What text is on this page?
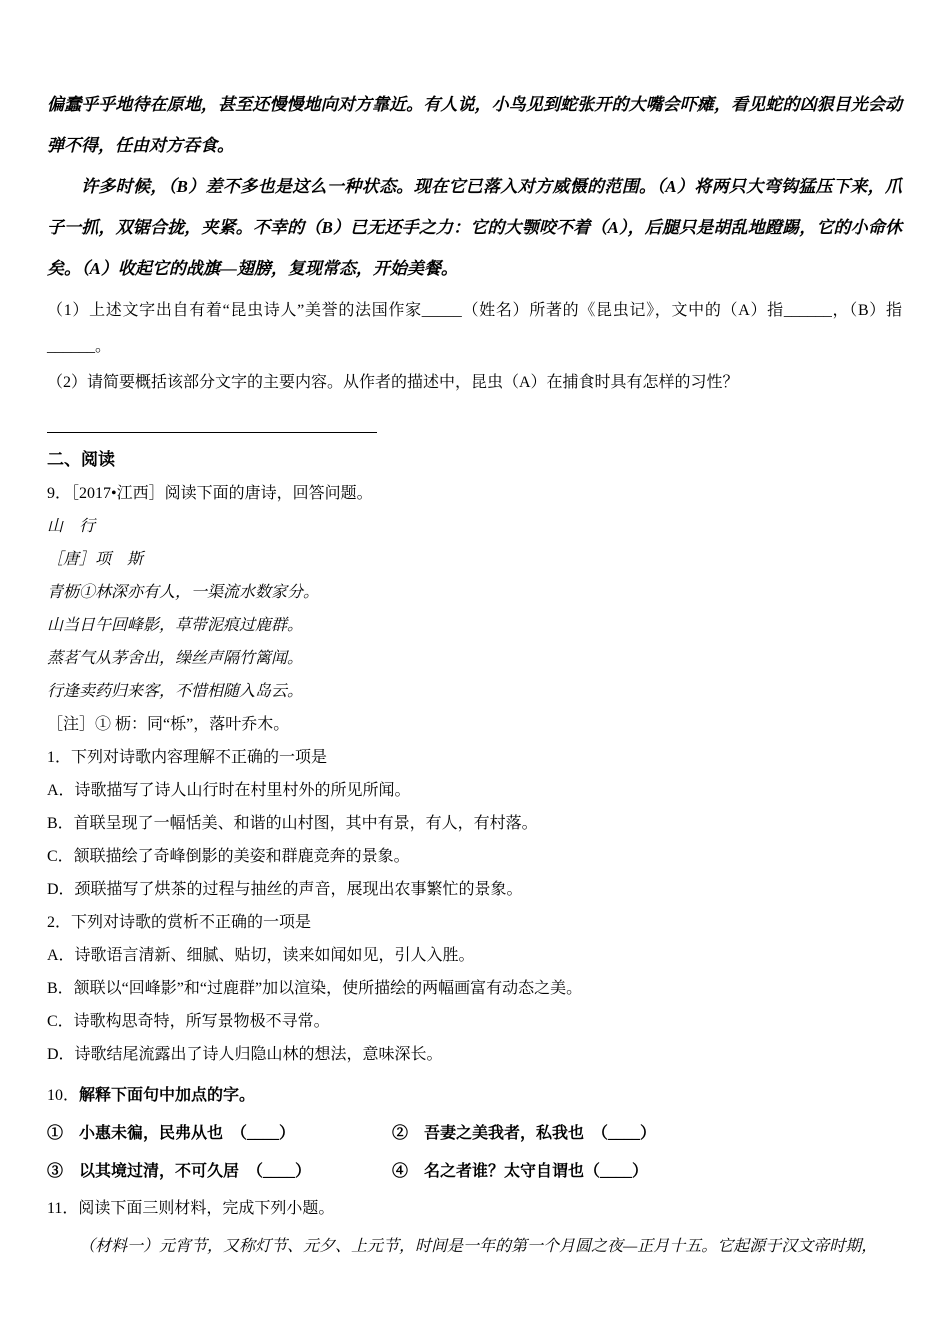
偏蠢乎乎地待在原地，甚至还慢慢地向对方靠近。有人说，小鸟见到蛇张开的大嘴会吓瘫，看见蛇的凶狠目光会动弹不得，任由对方吞食。

许多时候，（B）差不多也是这么一种状态。现在它已落入对方威慑的范围。（A）将两只大弯钩猛压下来，爪子一抓，双锯合拢，夹紧。不幸的（B）已无还手之力：它的大颚咬不着（A），后腿只是胡乱地蹬踢，它的小命休矣。（A）收起它的战旗—翅膀，复现常态，开始美餐。

（1）上述文字出自有着“昆虫诗人”美誉的法国作家_____（姓名）所著的《昆虫记》，文中的（A）指______，（B）指______。

（2）请简要概括该部分文字的主要内容。从作者的描述中，昆虫（A）在捕食时具有怎样的习性？

二、阅读

9．［2017•江西］阅读下面的唐诗，回答问题。

山　行

［唐］项　斯

青枥①林深亦有人，一渠流水数家分。

山当日午回峰影，草带泥痕过鹿群。

蒸茗气从茅舍出，缲丝声隔竹篱闻。

行逢卖药归来客，不惜相随入岛云。

［注］① 枥：同“栎”，落叶乔木。

1．下列对诗歌内容理解不正确的一项是

A．诗歌描写了诗人山行时在村里村外的所见所闻。

B．首联呈现了一幅恬美、和谐的山村图，其中有景，有人，有村落。

C．颔联描绘了奇峰倒影的美姿和群鹿竞奔的景象。

D．颈联描写了烘茶的过程与抽丝的声音，展现出农事繁忙的景象。

2．下列对诗歌的赏析不正确的一项是

A．诗歌语言清新、细腻、贴切，读来如闻如见，引人入胜。

B．颔联以“回峰影”和“过鹿群”加以渲染，使所描绘的两幅画富有动态之美。

C．诗歌构思奇特，所写景物极不寻常。

D．诗歌结尾流露出了诗人归隐山林的想法，意味深长。

10．解释下面句中加点的字。

①　小惠未徧，民弗从也　（____）	②　吾妻之美我者，私我也　（____）
③　以其境过清，不可久居　（____）	④　名之者谁？太守自谓也（____）

11．阅读下面三则材料，完成下列小题。

（材料一）元宵节，又称灯节、元夕、上元节，时间是一年的第一个月圆之夜—正月十五。它起源于汉文帝时期，
